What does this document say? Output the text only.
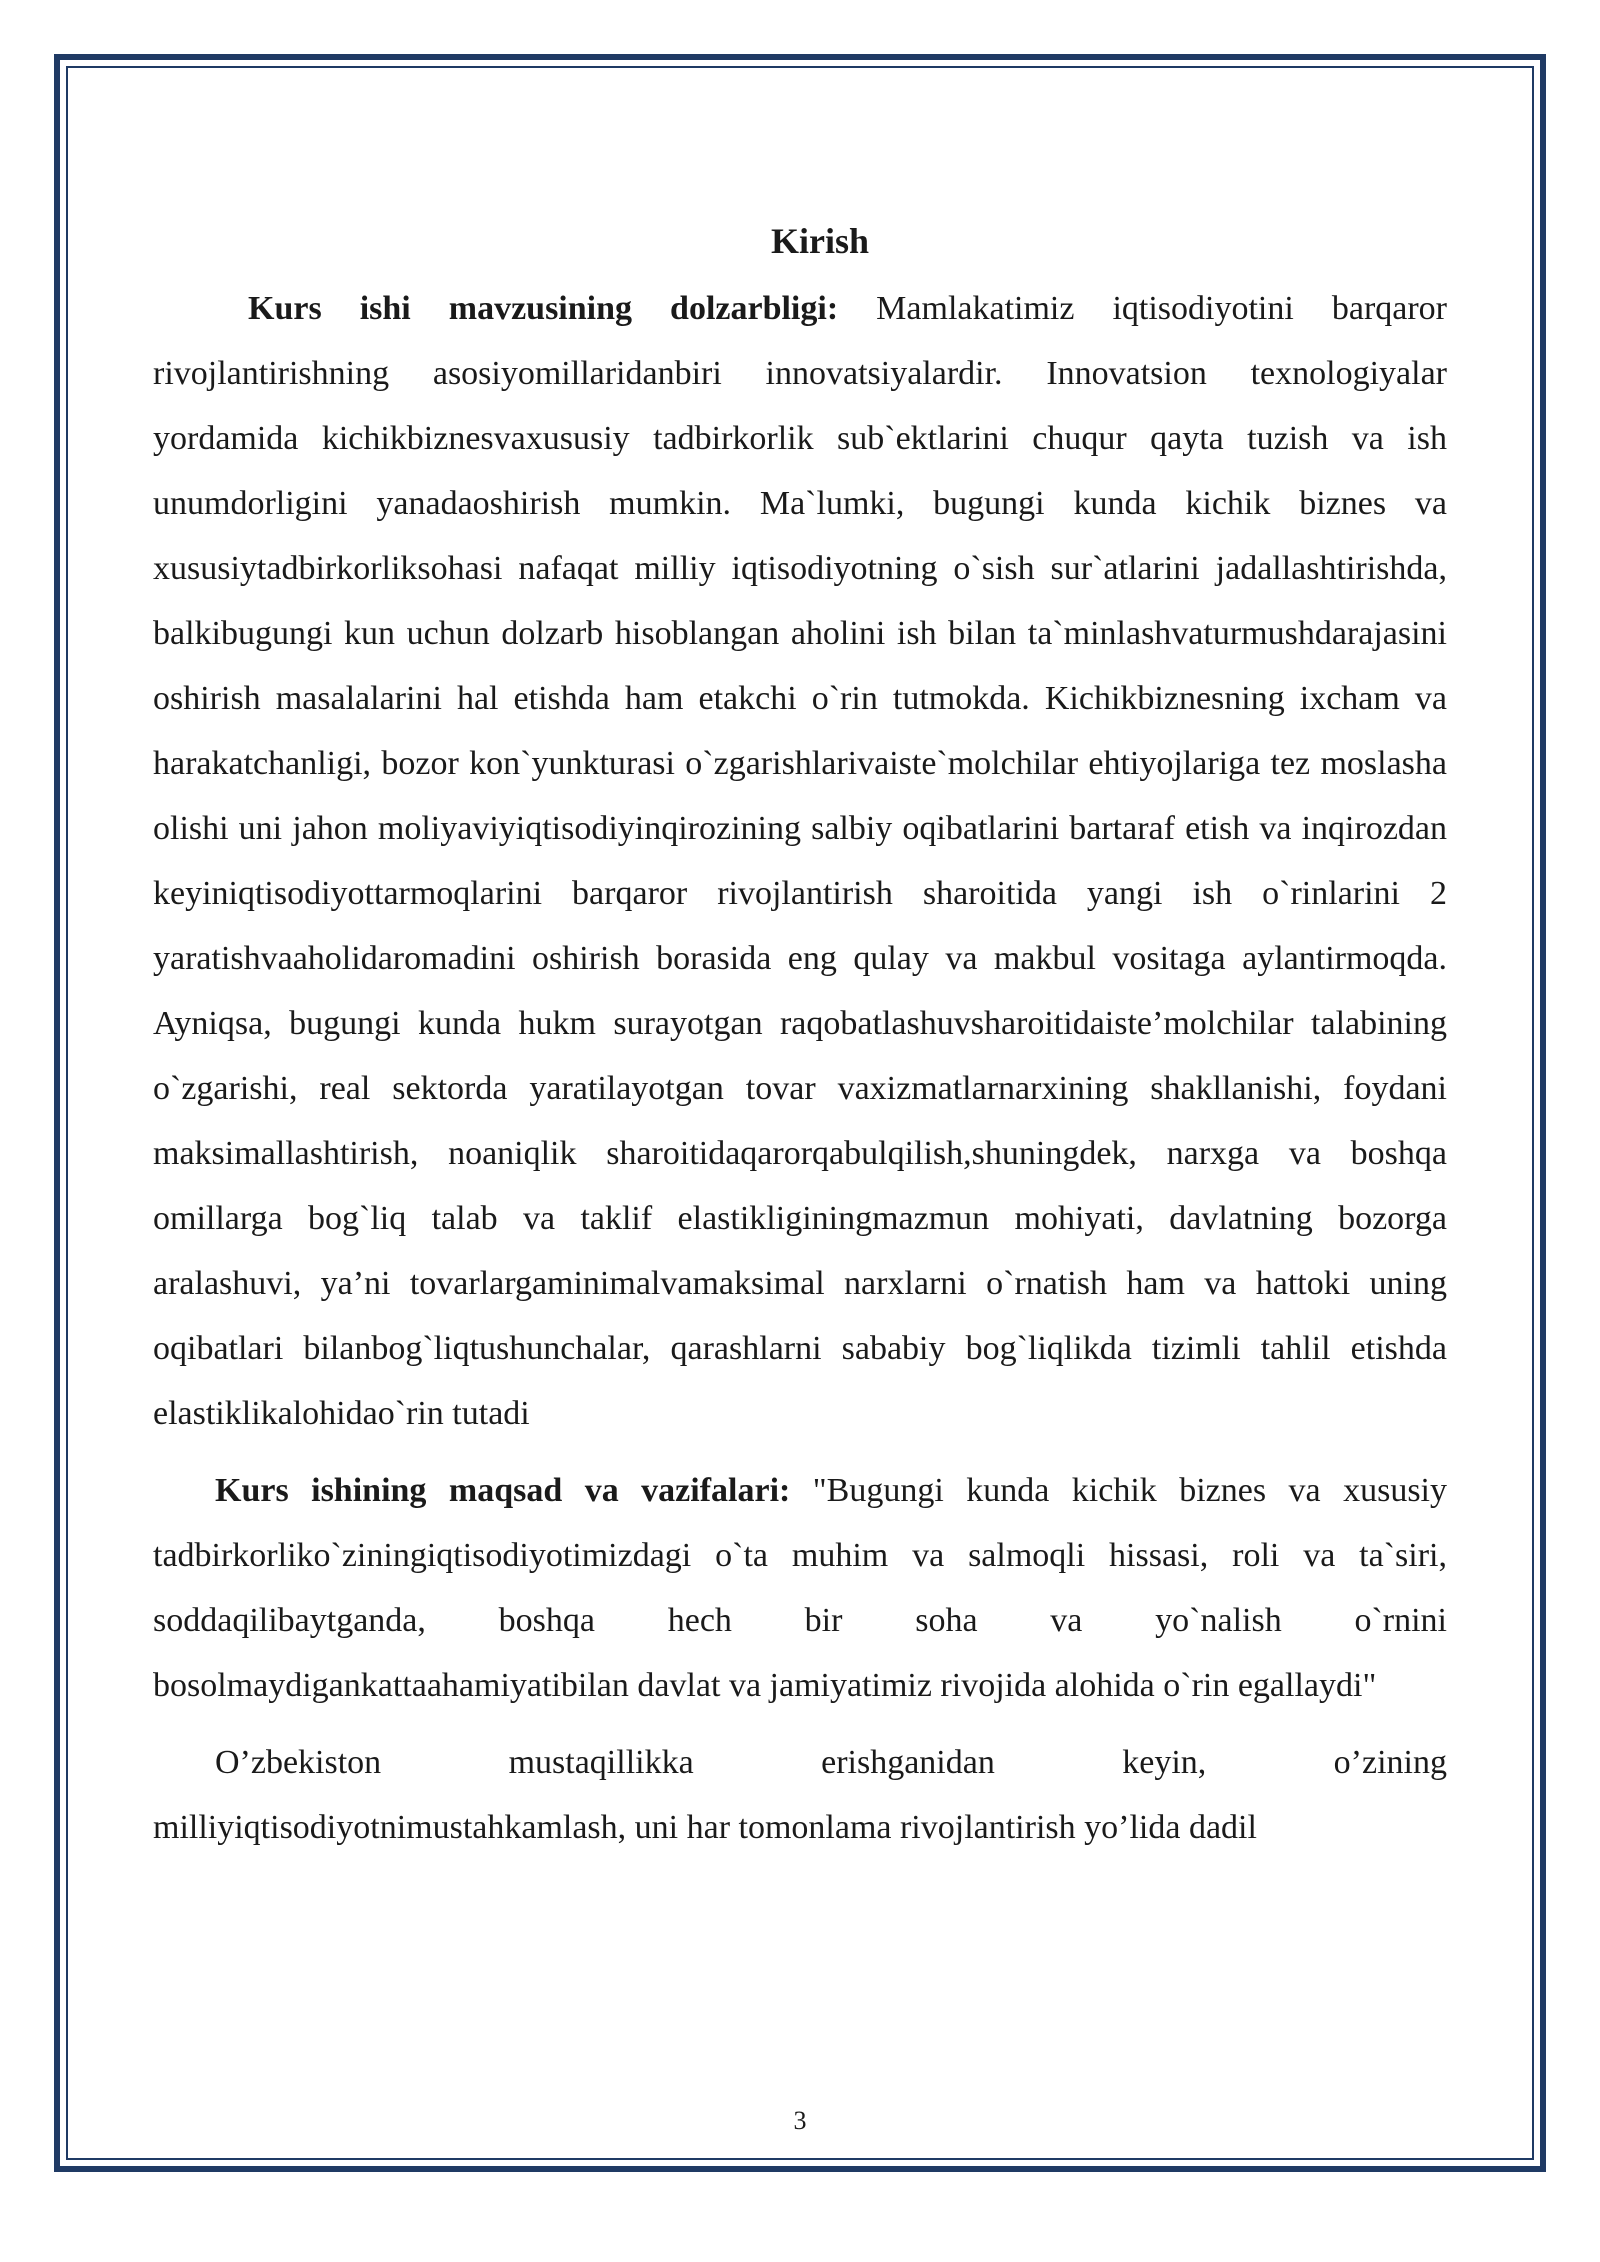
Kirish

Kurs ishi mavzusining dolzarbligi: Mamlakatimiz iqtisodiyotini barqaror rivojlantirishning asosiyomillaridanbiri innovatsiyalardir. Innovatsion texnologiyalar yordamida kichikbiznesvaxususiy tadbirkorlik sub`ektlarini chuqur qayta tuzish va ish unumdorligini yanadaoshirish mumkin. Ma`lumki, bugungi kunda kichik biznes va xususiytadbirkorliksohasi nafaqat milliy iqtisodiyotning o`sish sur`atlarini jadallashtirishda, balkibugungi kun uchun dolzarb hisoblangan aholini ish bilan ta`minlashvaturmushdarajasini oshirish masalalarini hal etishda ham etakchi o`rin tutmokda. Kichikbiznesning ixcham va harakatchanligi, bozor kon`yunkturasi o`zgarishlarivaiste`molchilar ehtiyojlariga tez moslasha olishi uni jahon moliyaviyiqtisodiyinqirozining salbiy oqibatlarini bartaraf etish va inqirozdan keyiniqtisodiyottarmoqlarini barqaror rivojlantirish sharoitida yangi ish o`rinlarini 2 yaratishvaaholidaromadini oshirish borasida eng qulay va makbul vositaga aylantirmoqda. Ayniqsa, bugungi kunda hukm surayotgan raqobatlashuvsharoitidaiste’molchilar talabining o`zgarishi, real sektorda yaratilayotgan tovar vaxizmatlarnarxining shakllanishi, foydani maksimallashtirish, noaniqlik sharoitidaqarorqabulqilish,shuningdek, narxga va boshqa omillarga bog`liq talab va taklif elastikliginingmazmun mohiyati, davlatning bozorga aralashuvi, ya’ni tovarlargaminimalvamaksimal narxlarni o`rnatish ham va hattoki uning oqibatlari bilanbog`liqtushunchalar, qarashlarni sababiy bog`liqlikda tizimli tahlil etishda elastiklikalohidao`rin tutadi

Kurs ishining maqsad va vazifalari: "Bugungi kunda kichik biznes va xususiy tadbirkorliko`ziningiqtisodiyotimizdagi o`ta muhim va salmoqli hissasi, roli va ta`siri, soddaqilibaytganda, boshqa hech bir soha va yo`nalish o`rnini bosolmaydigankattaahamiyatibilan davlat va jamiyatimiz rivojida alohida o`rin egallaydi"

O’zbekiston mustaqillikka erishganidan keyin, o’zining milliyiqtisodiyotnimustahkamlash, uni har tomonlama rivojlantirish yo’lida dadil

3
